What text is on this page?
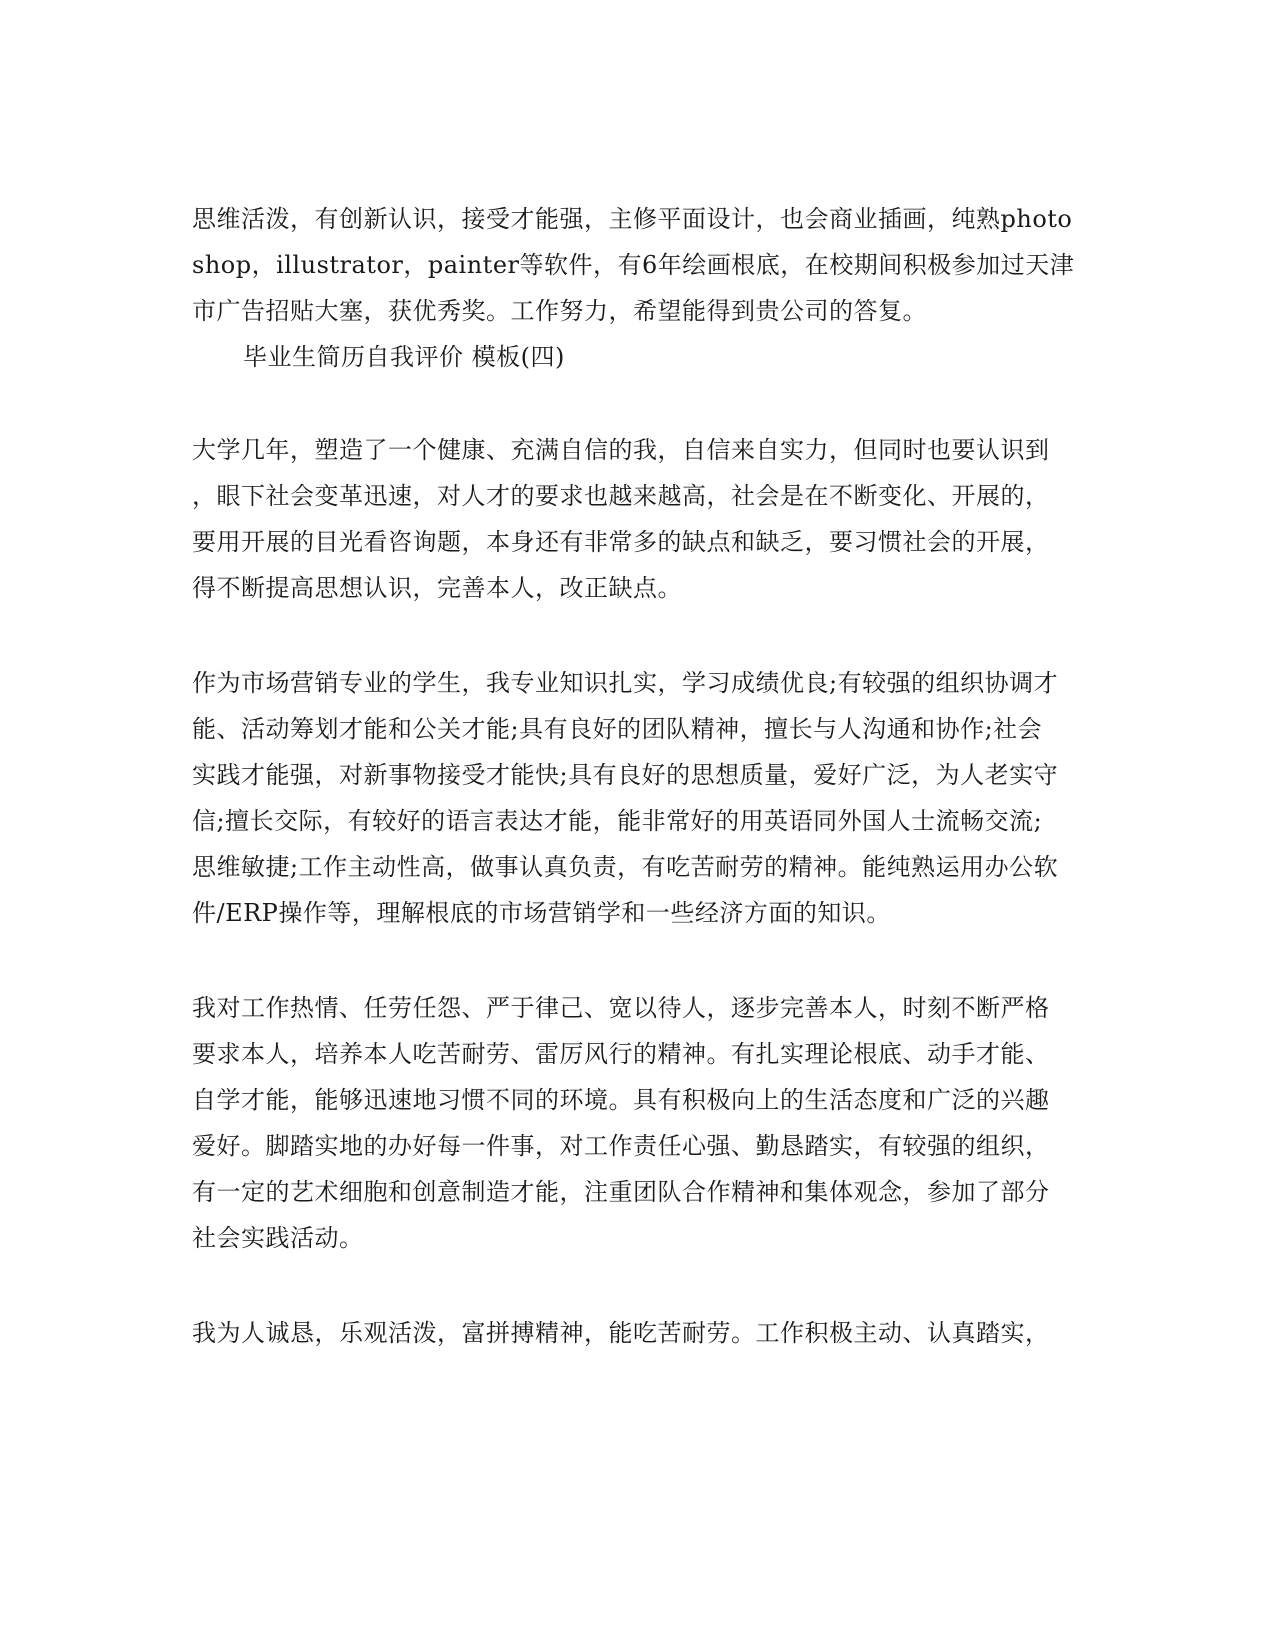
思维活泼，有创新认识，接受才能强，主修平面设计，也会商业插画，纯熟photo
shop，illustrator，painter等软件，有6年绘画根底，在校期间积极参加过天津
市广告招贴大塞，获优秀奖。工作努力，希望能得到贵公司的答复。
毕业生简历自我评价 模板(四)
大学几年，塑造了一个健康、充满自信的我，自信来自实力，但同时也要认识到
，眼下社会变革迅速，对人才的要求也越来越高，社会是在不断变化、开展的，
要用开展的目光看咨询题，本身还有非常多的缺点和缺乏，要习惯社会的开展，
得不断提高思想认识，完善本人，改正缺点。
作为市场营销专业的学生，我专业知识扎实，学习成绩优良;有较强的组织协调才
能、活动筹划才能和公关才能;具有良好的团队精神，擅长与人沟通和协作;社会
实践才能强，对新事物接受才能快;具有良好的思想质量，爱好广泛，为人老实守
信;擅长交际，有较好的语言表达才能，能非常好的用英语同外国人士流畅交流;
思维敏捷;工作主动性高，做事认真负责，有吃苦耐劳的精神。能纯熟运用办公软
件/ERP操作等，理解根底的市场营销学和一些经济方面的知识。
我对工作热情、任劳任怨、严于律己、宽以待人，逐步完善本人，时刻不断严格
要求本人，培养本人吃苦耐劳、雷厉风行的精神。有扎实理论根底、动手才能、
自学才能，能够迅速地习惯不同的环境。具有积极向上的生活态度和广泛的兴趣
爱好。脚踏实地的办好每一件事，对工作责任心强、勤恳踏实，有较强的组织，
有一定的艺术细胞和创意制造才能，注重团队合作精神和集体观念，参加了部分
社会实践活动。
我为人诚恳，乐观活泼，富拼搏精神，能吃苦耐劳。工作积极主动、认真踏实，
